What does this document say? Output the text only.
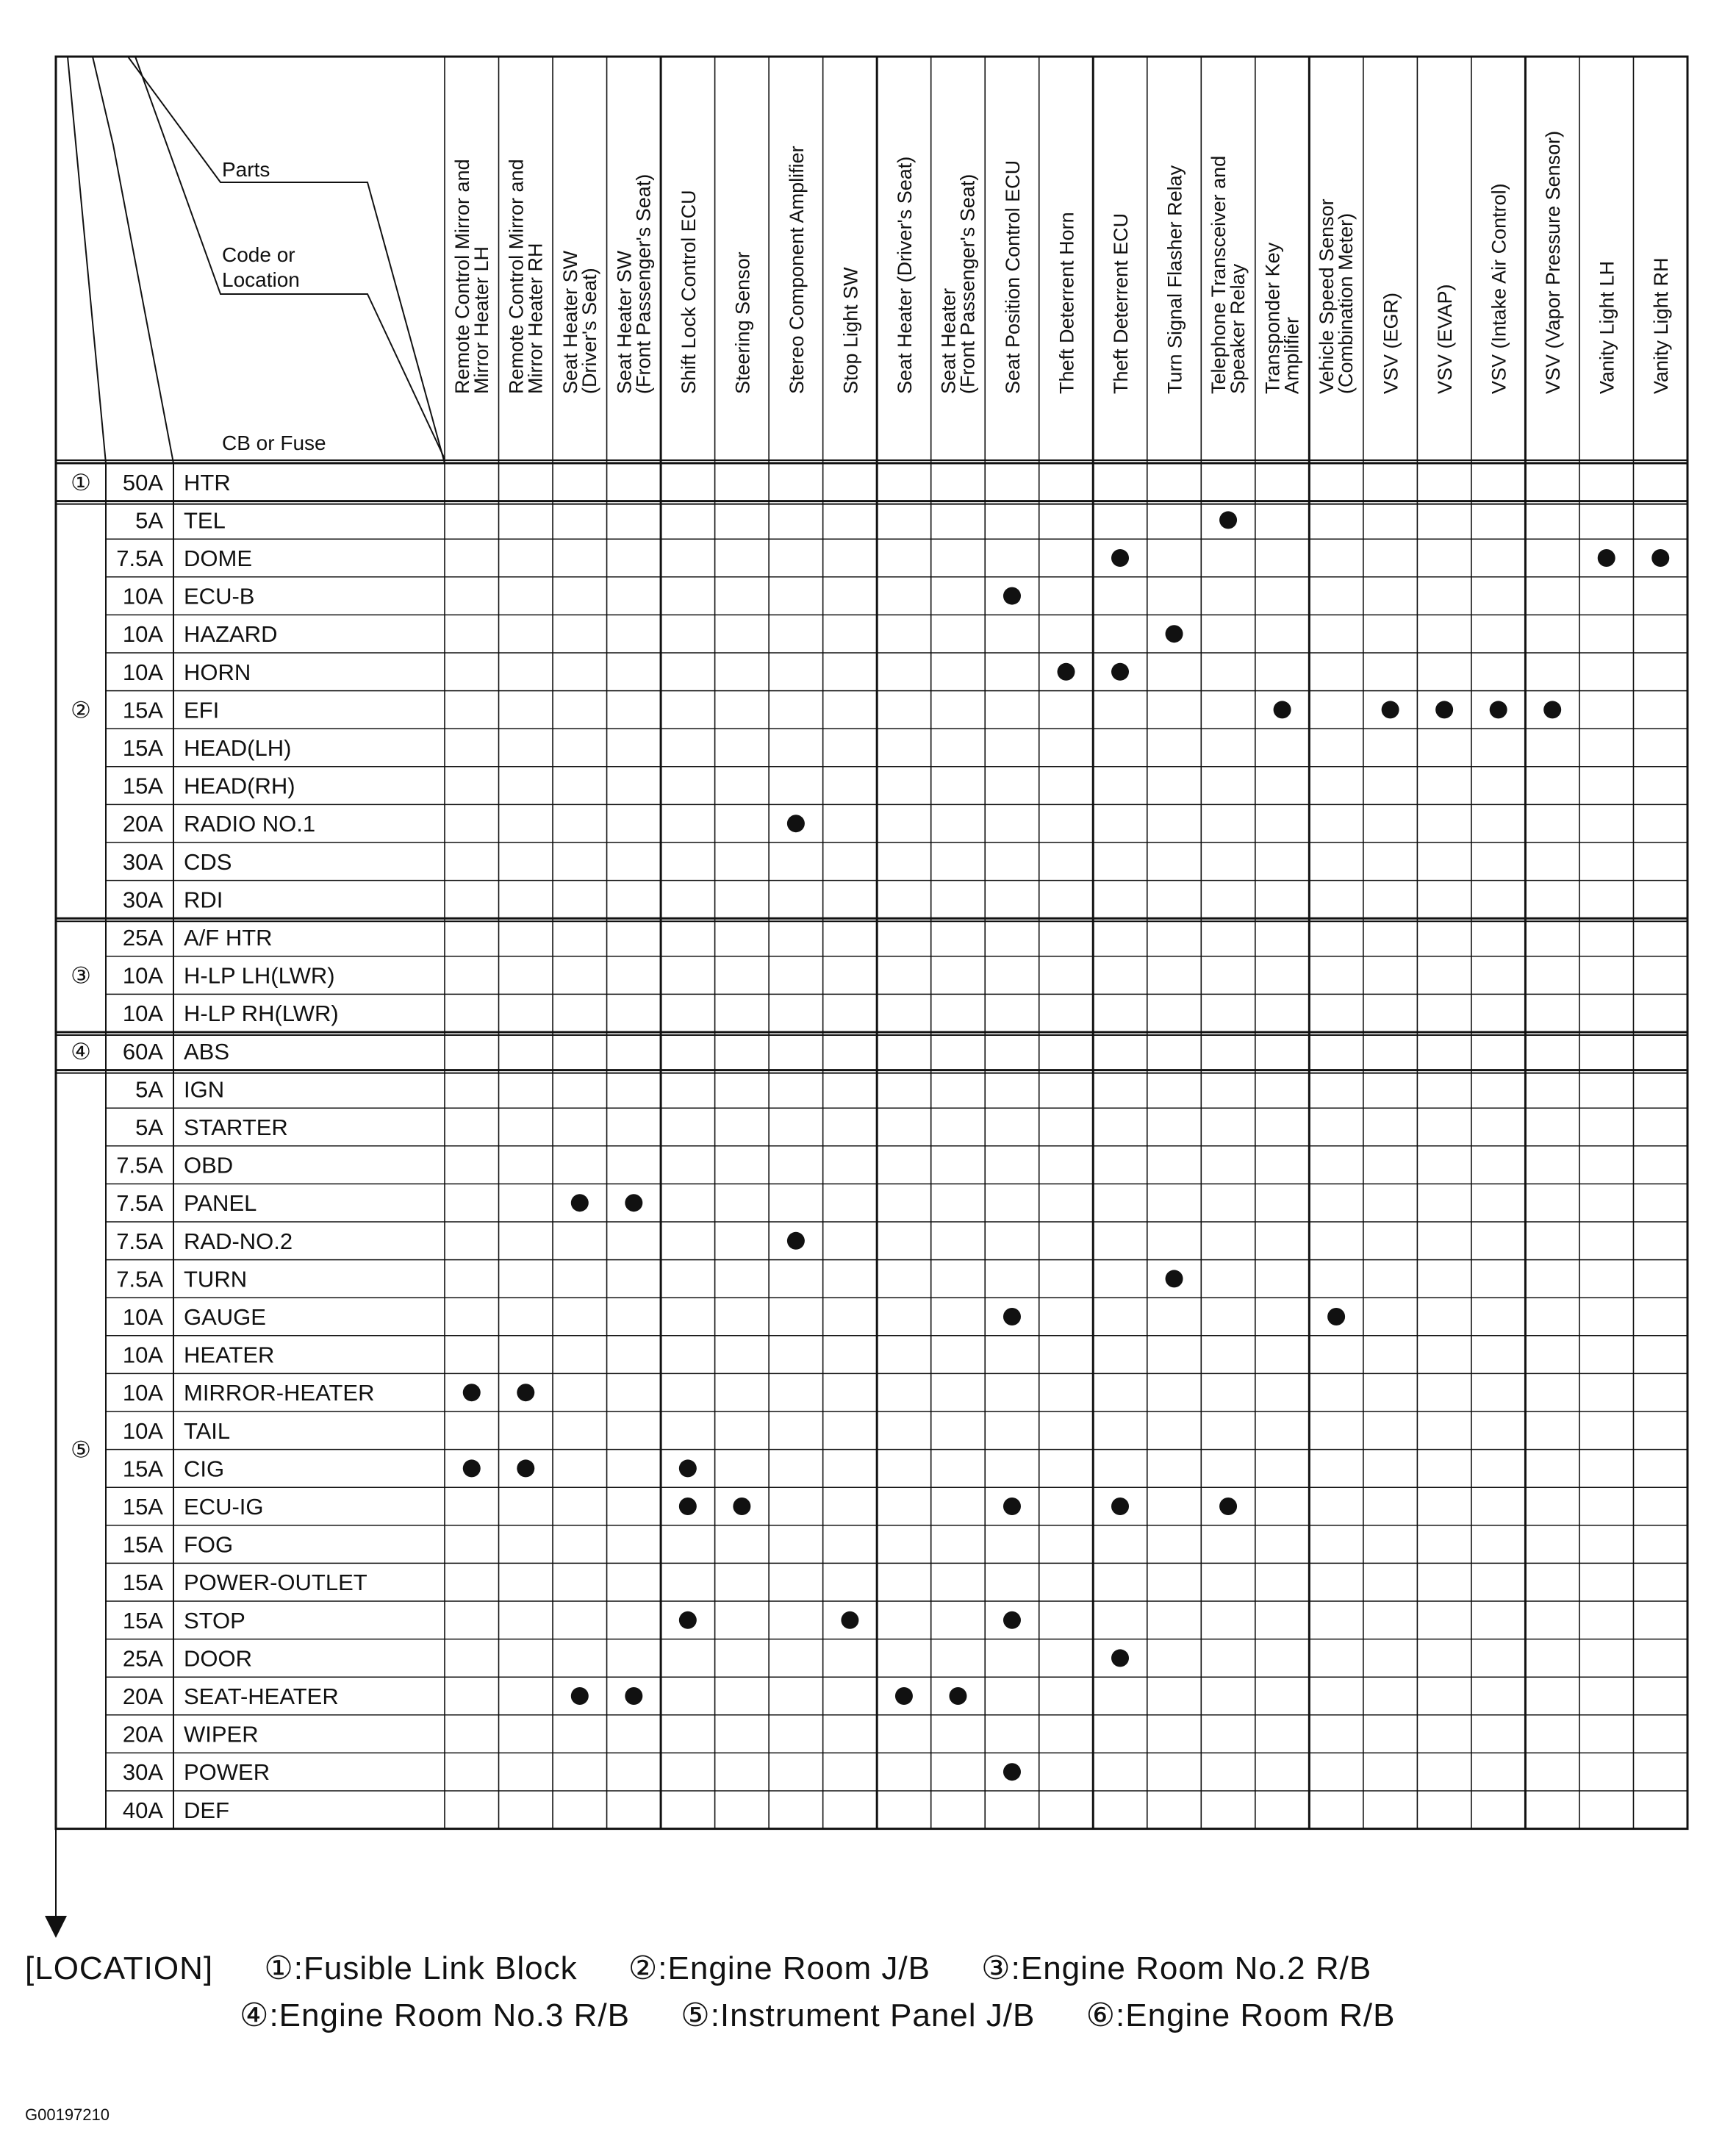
Parts
Code or
Location
CB or Fuse
Remote Control Mirror and
Mirror Heater LH Remote Control Mirror and
Mirror Heater RH Seat Heater SW
(Driver's Seat) Seat Heater SW
(Front Passenger's Seat) Shift Lock Control ECU Steering Sensor Stereo Component Amplifier Stop Light SW Seat Heater (Driver's Seat) Seat Heater
(Front Passenger's Seat) Seat Position Control ECU Theft Deterrent Horn Theft Deterrent ECU Turn Signal Flasher Relay Telephone Transceiver and
Speaker Relay Transponder Key
Amplifier Vehicle Speed Sensor
(Combination Meter) VSV (EGR) VSV (EVAP) VSV (Intake Air Control) VSV (Vapor Pressure Sensor) Vanity Light LH Vanity Light RH
①
②
③
④
⑤
50A HTR
5A TEL
7.5A DOME
10A ECU-B
10A HAZARD
10A HORN
15A EFI
15A HEAD(LH)
15A HEAD(RH)
20A RADIO NO.1
30A CDS
30A RDI
25A A/F HTR
10A H-LP LH(LWR)
10A H-LP RH(LWR)
60A ABS
5A IGN
5A STARTER
7.5A OBD
7.5A PANEL
7.5A RAD-NO.2
7.5A TURN
10A GAUGE
10A HEATER
10A MIRROR-HEATER
10A TAIL
15A CIG
15A ECU-IG
15A FOG
15A POWER-OUTLET
15A STOP
25A DOOR
20A SEAT-HEATER
20A WIPER
30A POWER
40A DEF
[LOCATION] ①:Fusible Link Block ②:Engine Room J/B ③:Engine Room No.2 R/B
④:Engine Room No.3 R/B ⑤:Instrument Panel J/B ⑥:Engine Room R/B
G00197210
